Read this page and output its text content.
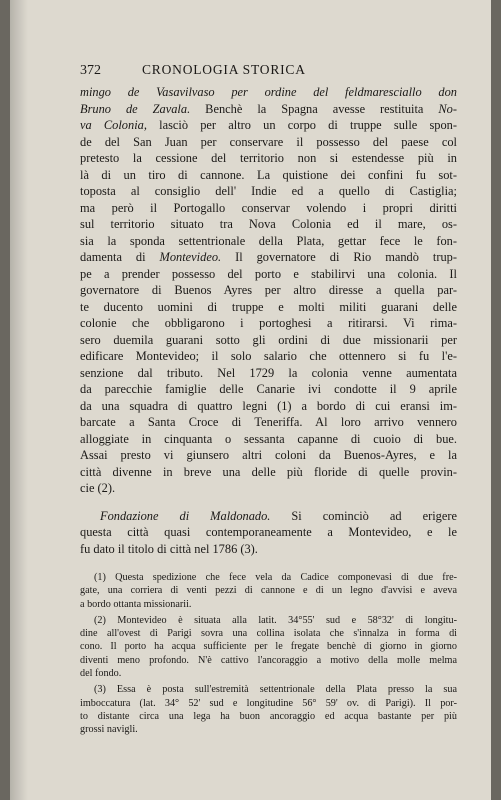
372	CRONOLOGIA STORICA
mingo de Vasavilvaso per ordine del feldmaresciallo don
Bruno de Zavala. Benchè la Spagna avesse restituita No-
va Colonia, lasciò per altro un corpo di truppe sulle spon-
de del San Juan per conservare il possesso del paese col
pretesto la cessione del territorio non si estendesse più in
là di un tiro di cannone. La quistione dei confini fu sot-
toposta al consiglio dell' Indie ed a quello di Castiglia;
ma però il Portogallo conservar volendo i propri diritti
sul territorio situato tra Nova Colonia ed il mare, os-
sia la sponda settentrionale della Plata, gettar fece le fon-
damenta di Montevideo. Il governatore di Rio mandò trup-
pe a prender possesso del porto e stabilirvi una colonia. Il
governatore di Buenos Ayres per altro diresse a quella par-
te ducento uomini di truppe e molti militi guarani delle
colonie che obbligarono i portoghesi a ritirarsi. Vi rima-
sero duemila guarani sotto gli ordini di due missionarii per
edificare Montevideo; il solo salario che ottennero si fu l'e-
senzione dal tributo. Nel 1729 la colonia venne aumentata
da parecchie famiglie delle Canarie ivi condotte il 9 aprile
da una squadra di quattro legni (1) a bordo di cui eransi im-
barcate a Santa Croce di Teneriffa. Al loro arrivo vennero
alloggiate in cinquanta o sessanta capanne di cuoio di bue.
Assai presto vi giunsero altri coloni da Buenos-Ayres, e la
città divenne in breve una delle più floride di quelle provin-
cie (2).
Fondazione di Maldonado. Si cominciò ad erigere
questa città quasi contemporaneamente a Montevideo, e le
fu dato il titolo di città nel 1786 (3).
(1) Questa spedizione che fece vela da Cadice componevasi di due fre-
gate, una corriera di venti pezzi di cannone e di un legno d'avvisi e aveva
a bordo ottanta missionarii.
(2) Montevideo è situata alla latit. 34°55' sud e 58°32' di longitu-
dine all'ovest di Parigi sovra una collina isolata che s'innalza in forma di
cono. Il porto ha acqua sufficiente per le fregate benchè di giorno in giorno
diventi meno profondo. N'è cattivo l'ancoraggio a motivo della molle melma
del fondo.
(3) Essa è posta sull'estremità settentrionale della Plata presso la sua
imboccatura (lat. 34° 52' sud e longitudine 56° 59' ov. di Parigi). Il por-
to distante circa una lega ha buon ancoraggio ed acqua bastante per più
grossi navigli.
